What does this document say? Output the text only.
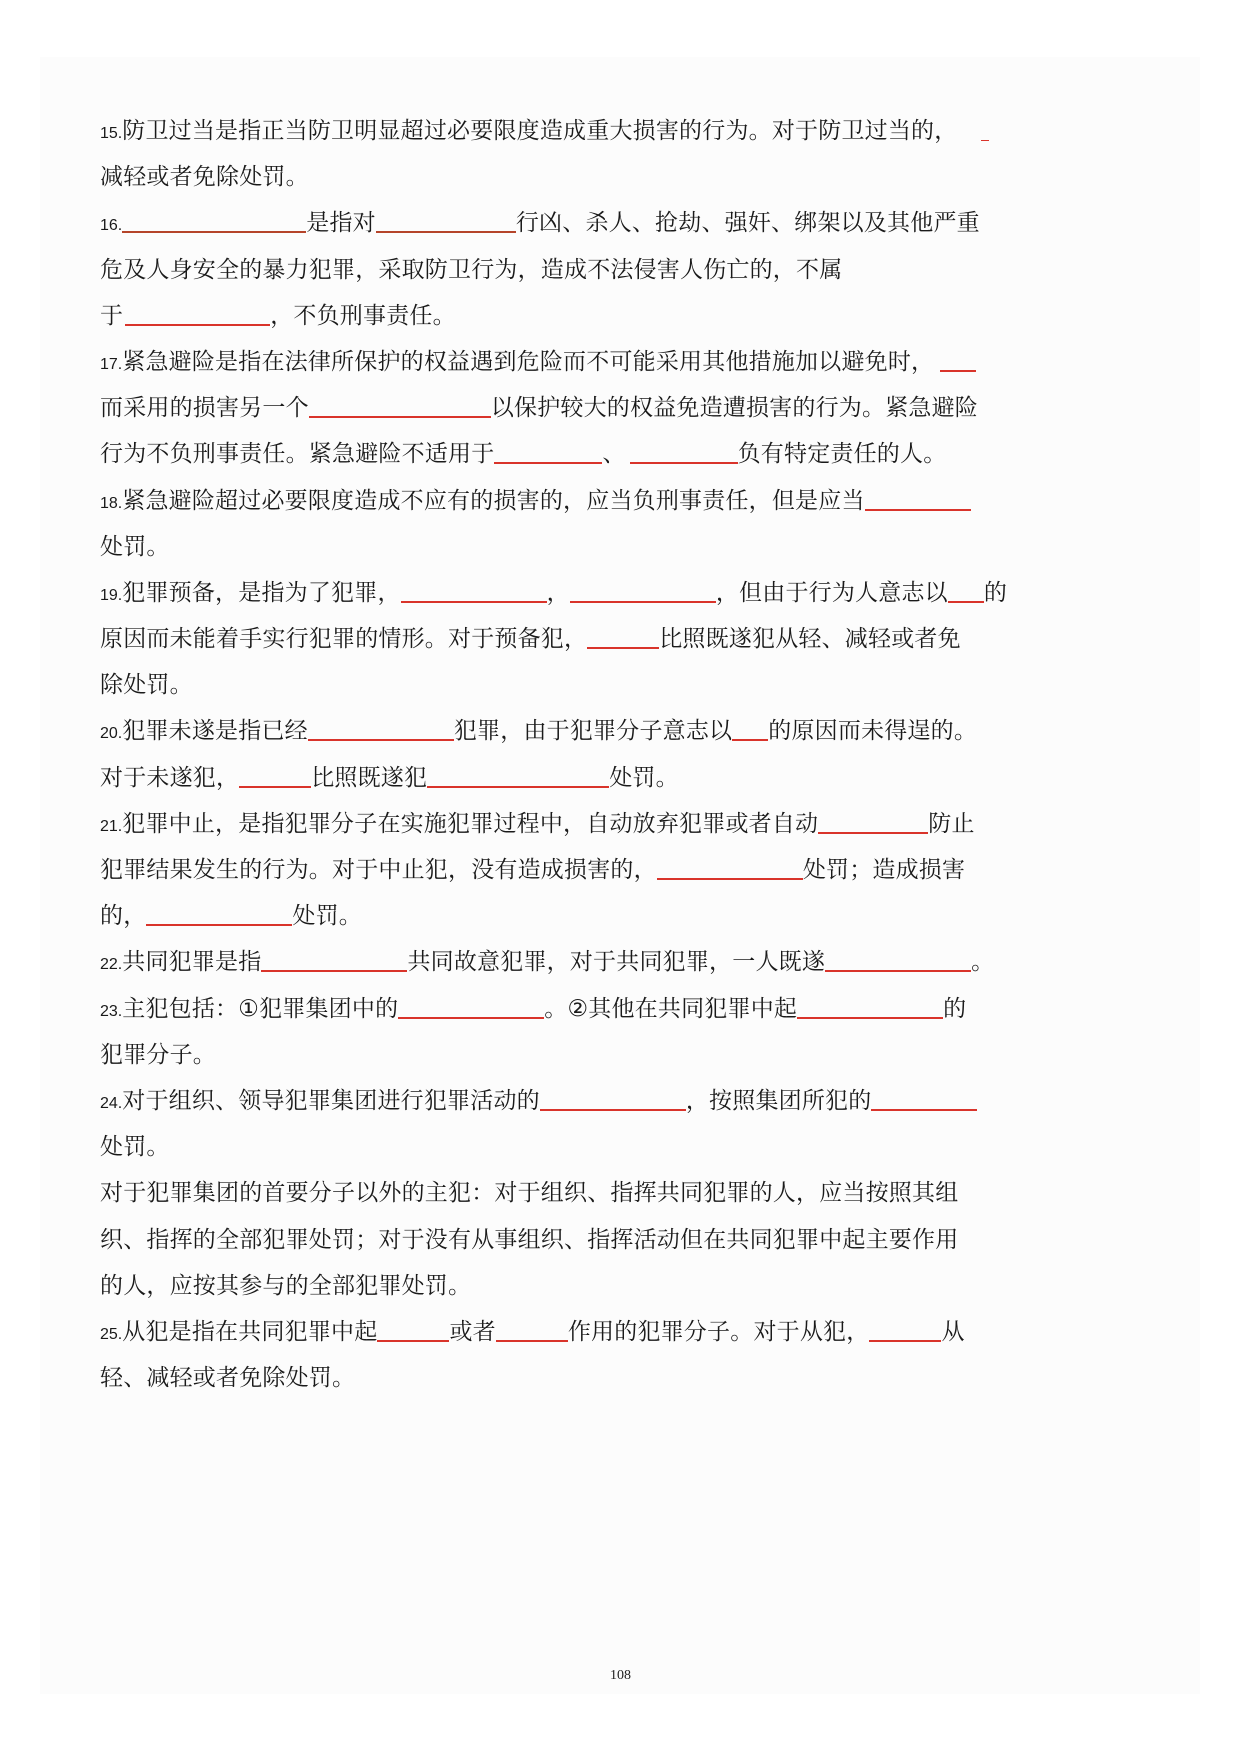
15.防卫过当是指正当防卫明显超过必要限度造成重大损害的行为。对于防卫过当的，
减轻或者免除处罚。
16.	是指对	行凶、杀人、抢劫、强奸、绑架以及其他严重
危及人身安全的暴力犯罪，采取防卫行为，造成不法侵害人伤亡的，不属
于	，不负刑事责任。
17.紧急避险是指在法律所保护的权益遇到危险而不可能采用其他措施加以避免时，
而采用的损害另一个	以保护较大的权益免造遭损害的行为。紧急避险
行为不负刑事责任。紧急避险不适用于	、	负有特定责任的人。
18.紧急避险超过必要限度造成不应有的损害的，应当负刑事责任，但是应当
处罚。
19.犯罪预备，是指为了犯罪，	，	，但由于行为人意志以 的
原因而未能着手实行犯罪的情形。对于预备犯，	比照既遂犯从轻、减轻或者免
除处罚。
20.犯罪未遂是指已经	犯罪，由于犯罪分子意志以 的原因而未得逞的。
对于未遂犯，	比照既遂犯	处罚。
21.犯罪中止，是指犯罪分子在实施犯罪过程中，自动放弃犯罪或者自动	防止
犯罪结果发生的行为。对于中止犯，没有造成损害的，	处罚；造成损害
的，	处罚。
22.共同犯罪是指	共同故意犯罪，对于共同犯罪，一人既遂	。
23.主犯包括：①犯罪集团中的	。②其他在共同犯罪中起	的
犯罪分子。
24.对于组织、领导犯罪集团进行犯罪活动的	，按照集团所犯的
处罚。
对于犯罪集团的首要分子以外的主犯：对于组织、指挥共同犯罪的人，应当按照其组
织、指挥的全部犯罪处罚；对于没有从事组织、指挥活动但在共同犯罪中起主要作用
的人，应按其参与的全部犯罪处罚。
25.从犯是指在共同犯罪中起	或者	作用的犯罪分子。对于从犯，	从
轻、减轻或者免除处罚。
108
